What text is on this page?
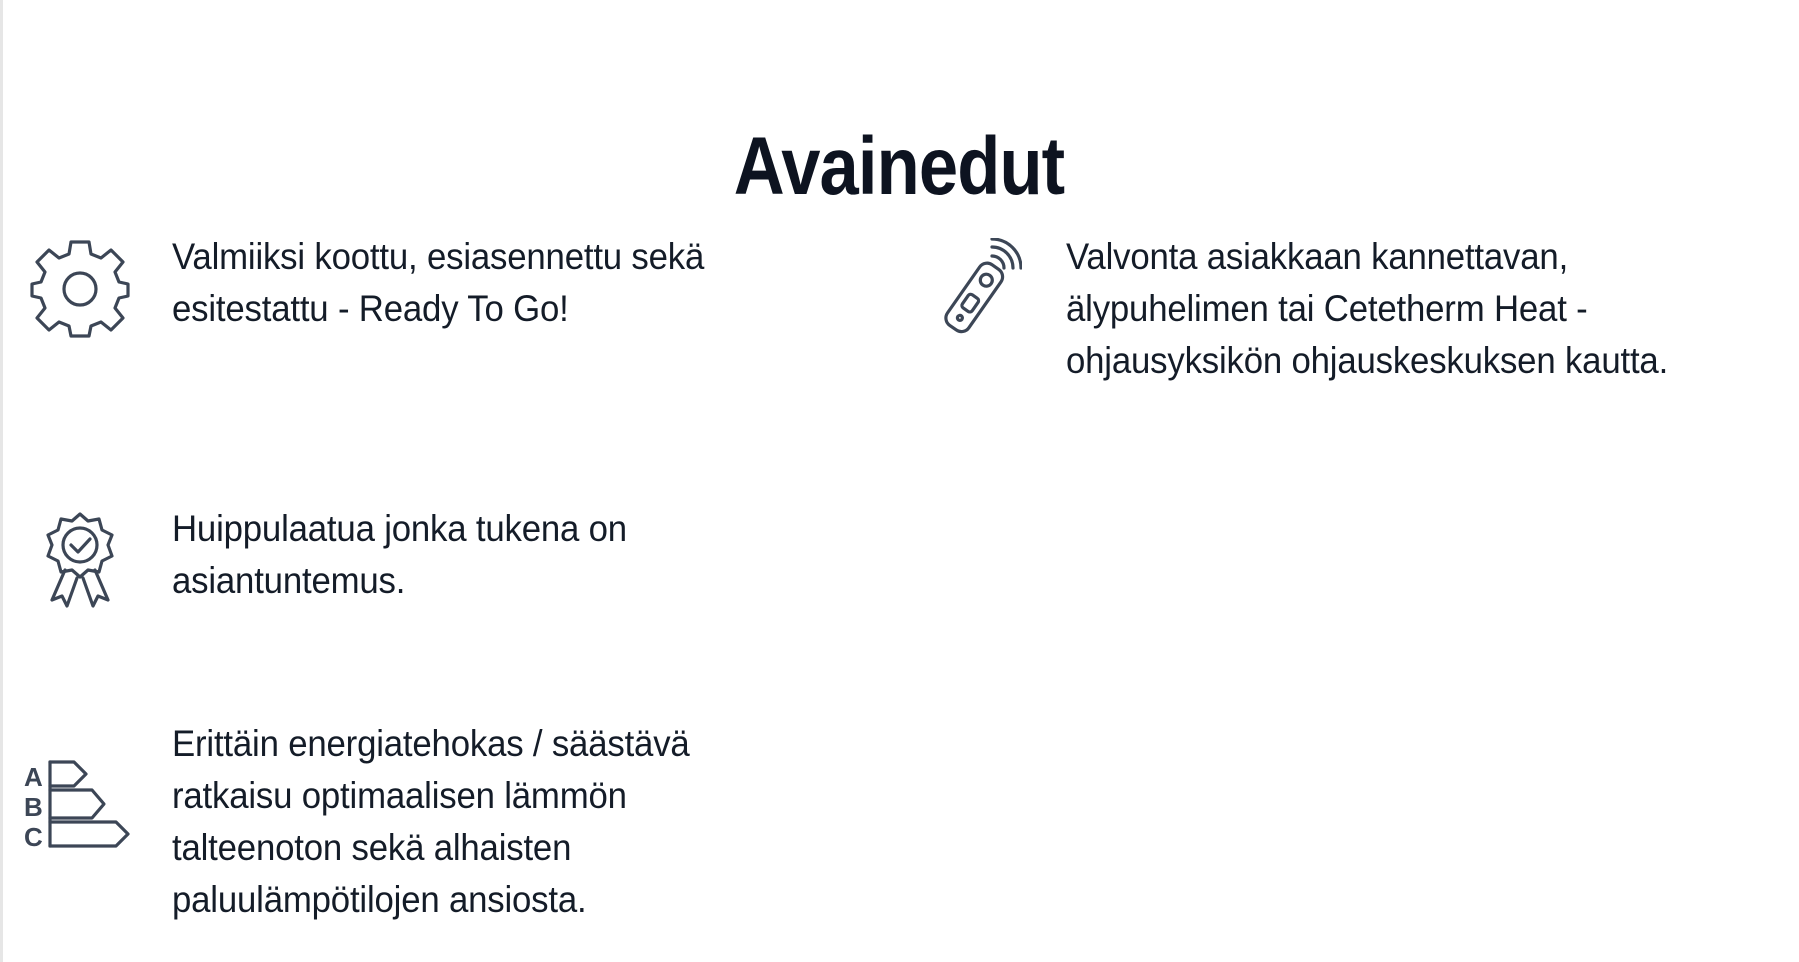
Avainedut

Valmiiksi koottu, esiasennettu sekä
esitestattu - Ready To Go!

Valvonta asiakkaan kannettavan,
älypuhelimen tai Cetetherm Heat -
ohjausyksikön ohjauskeskuksen kautta.

Huippulaatua jonka tukena on
asiantuntemus.

A
B
C

Erittäin energiatehokas / säästävä
ratkaisu optimaalisen lämmön
talteenoton sekä alhaisten
paluulämpötilojen ansiosta.
